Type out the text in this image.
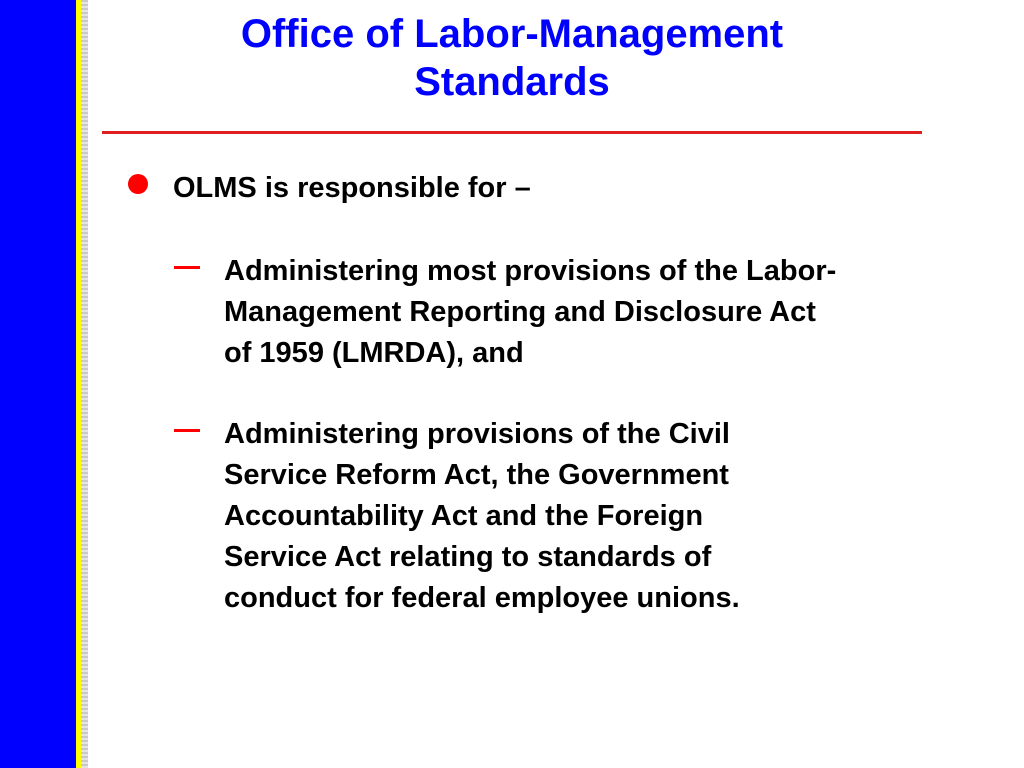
Office of Labor-Management
Standards
OLMS is responsible for –
Administering most provisions of the Labor-
Management Reporting and Disclosure Act
of 1959 (LMRDA), and
Administering provisions of the Civil
Service Reform Act, the Government
Accountability Act and the Foreign
Service Act relating to standards of
conduct for federal employee unions.
